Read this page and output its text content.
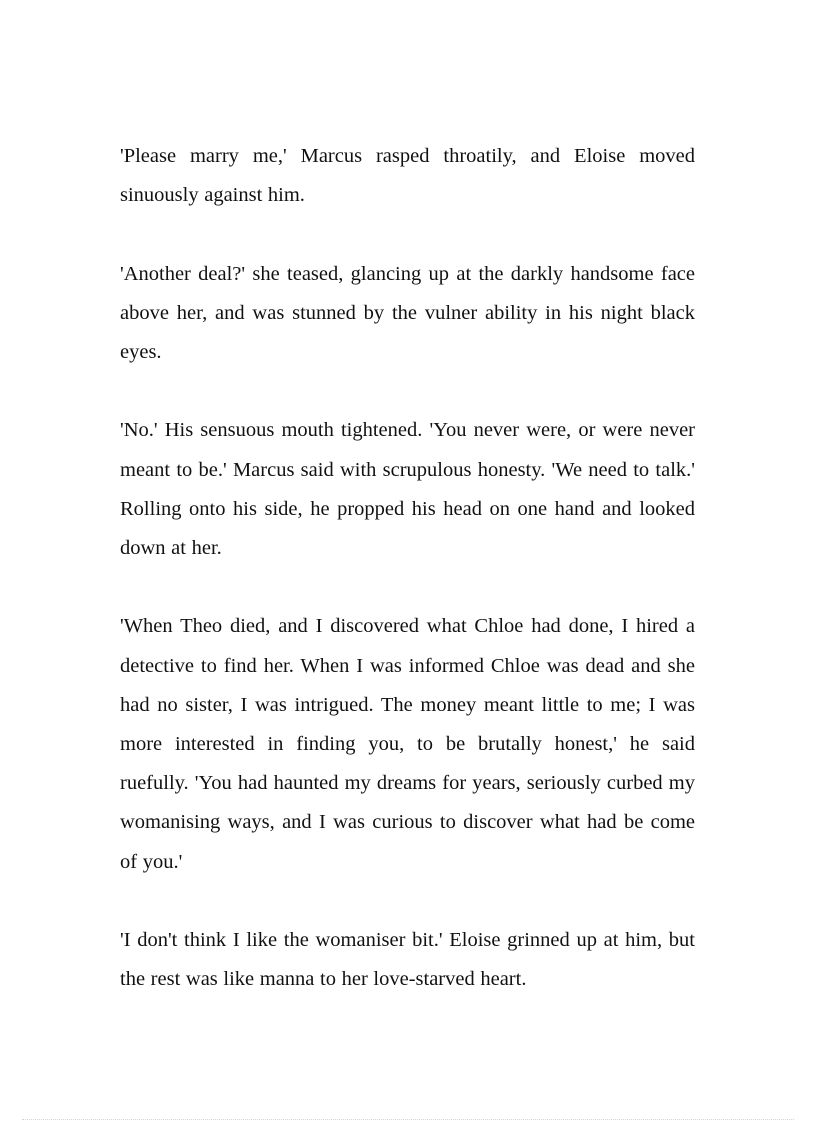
'Please marry me,' Marcus rasped throatily, and Eloise moved sinuously against him.

'Another deal?' she teased, glancing up at the darkly handsome face above her, and was stunned by the vulner ability in his night black eyes.

'No.' His sensuous mouth tightened. 'You never were, or were never meant to be.' Marcus said with scrupulous honesty. 'We need to talk.' Rolling onto his side, he propped his head on one hand and looked down at her.

'When Theo died, and I discovered what Chloe had done, I hired a detective to find her. When I was informed Chloe was dead and she had no sister, I was intrigued. The money meant little to me; I was more interested in finding you, to be brutally honest,' he said ruefully. 'You had haunted my dreams for years, seriously curbed my womanising ways, and I was curious to discover what had be come of you.'

'I don't think I like the womaniser bit.' Eloise grinned up at him, but the rest was like manna to her love-starved heart.
